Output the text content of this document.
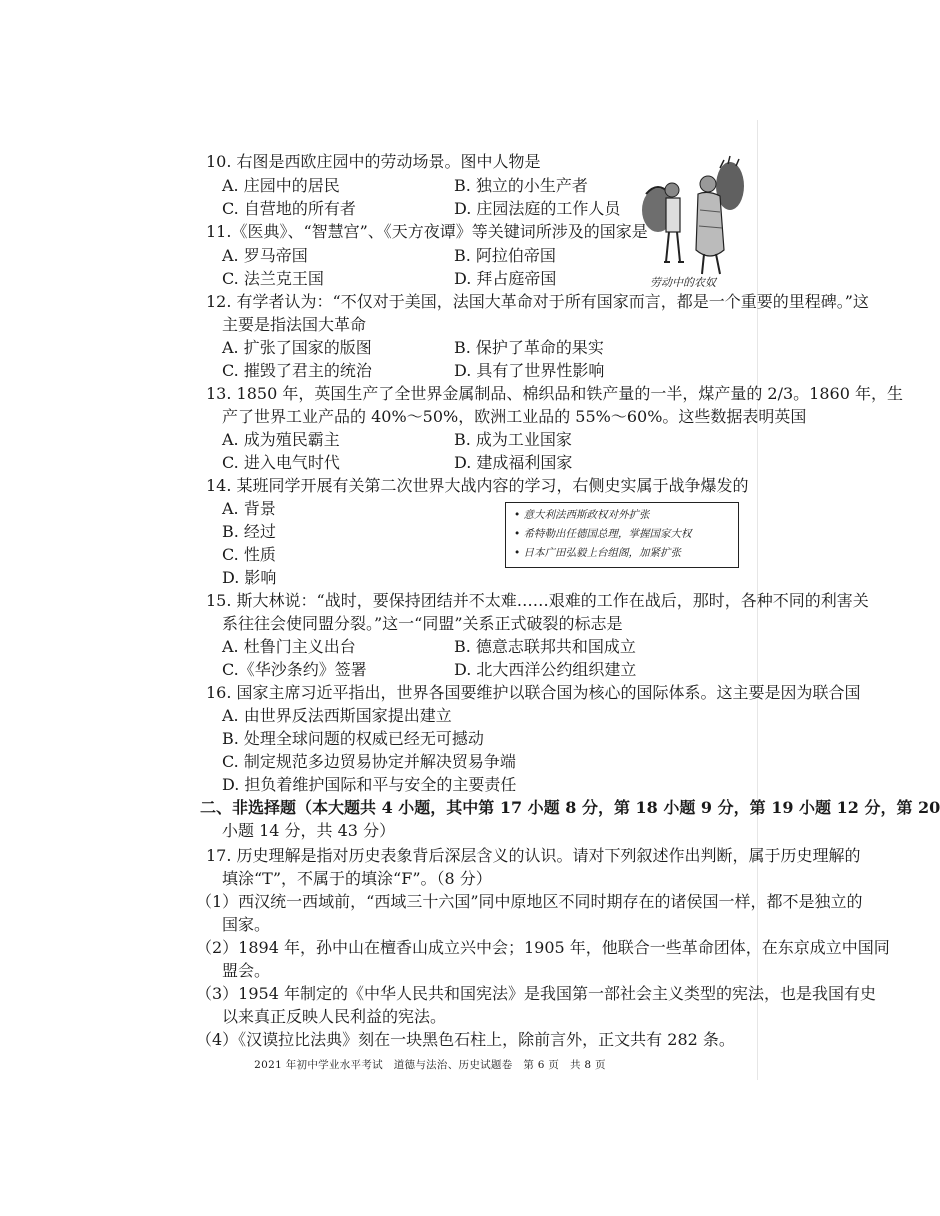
劳动中的农奴
10. 右图是西欧庄园中的劳动场景。图中人物是
A. 庄园中的居民	B. 独立的小生产者
C. 自营地的所有者	D. 庄园法庭的工作人员
11.《医典》、“智慧宫”、《天方夜谭》等关键词所涉及的国家是
A. 罗马帝国	B. 阿拉伯帝国
C. 法兰克王国	D. 拜占庭帝国
12. 有学者认为：“不仅对于美国，法国大革命对于所有国家而言，都是一个重要的里程碑。”这
主要是指法国大革命
A. 扩张了国家的版图	B. 保护了革命的果实
C. 摧毁了君主的统治	D. 具有了世界性影响
13. 1850 年，英国生产了全世界金属制品、棉织品和铁产量的一半，煤产量的 2/3。1860 年，生
产了世界工业产品的 40%～50%，欧洲工业品的 55%～60%。这些数据表明英国
A. 成为殖民霸主	B. 成为工业国家
C. 进入电气时代	D. 建成福利国家
14. 某班同学开展有关第二次世界大战内容的学习，右侧史实属于战争爆发的
A. 背景
B. 经过
C. 性质
D. 影响
• 意大利法西斯政权对外扩张
• 希特勒出任德国总理，掌握国家大权
• 日本广田弘毅上台组阁，加紧扩张
15. 斯大林说：“战时，要保持团结并不太难……艰难的工作在战后，那时，各种不同的利害关
系往往会使同盟分裂。”这一“同盟”关系正式破裂的标志是
A. 杜鲁门主义出台	B. 德意志联邦共和国成立
C.《华沙条约》签署	D. 北大西洋公约组织建立
16. 国家主席习近平指出，世界各国要维护以联合国为核心的国际体系。这主要是因为联合国
A. 由世界反法西斯国家提出建立
B. 处理全球问题的权威已经无可撼动
C. 制定规范多边贸易协定并解决贸易争端
D. 担负着维护国际和平与安全的主要责任
二、非选择题（本大题共 4 小题，其中第 17 小题 8 分，第 18 小题 9 分，第 19 小题 12 分，第 20
小题 14 分，共 43 分）
17. 历史理解是指对历史表象背后深层含义的认识。请对下列叙述作出判断，属于历史理解的
填涂“T”，不属于的填涂“F”。（8 分）
（1）西汉统一西域前，“西域三十六国”同中原地区不同时期存在的诸侯国一样，都不是独立的
国家。
（2）1894 年，孙中山在檀香山成立兴中会；1905 年，他联合一些革命团体，在东京成立中国同
盟会。
（3）1954 年制定的《中华人民共和国宪法》是我国第一部社会主义类型的宪法，也是我国有史
以来真正反映人民利益的宪法。
（4）《汉谟拉比法典》刻在一块黑色石柱上，除前言外，正文共有 282 条。
2021 年初中学业水平考试　道德与法治、历史试题卷　第 6 页　共 8 页
